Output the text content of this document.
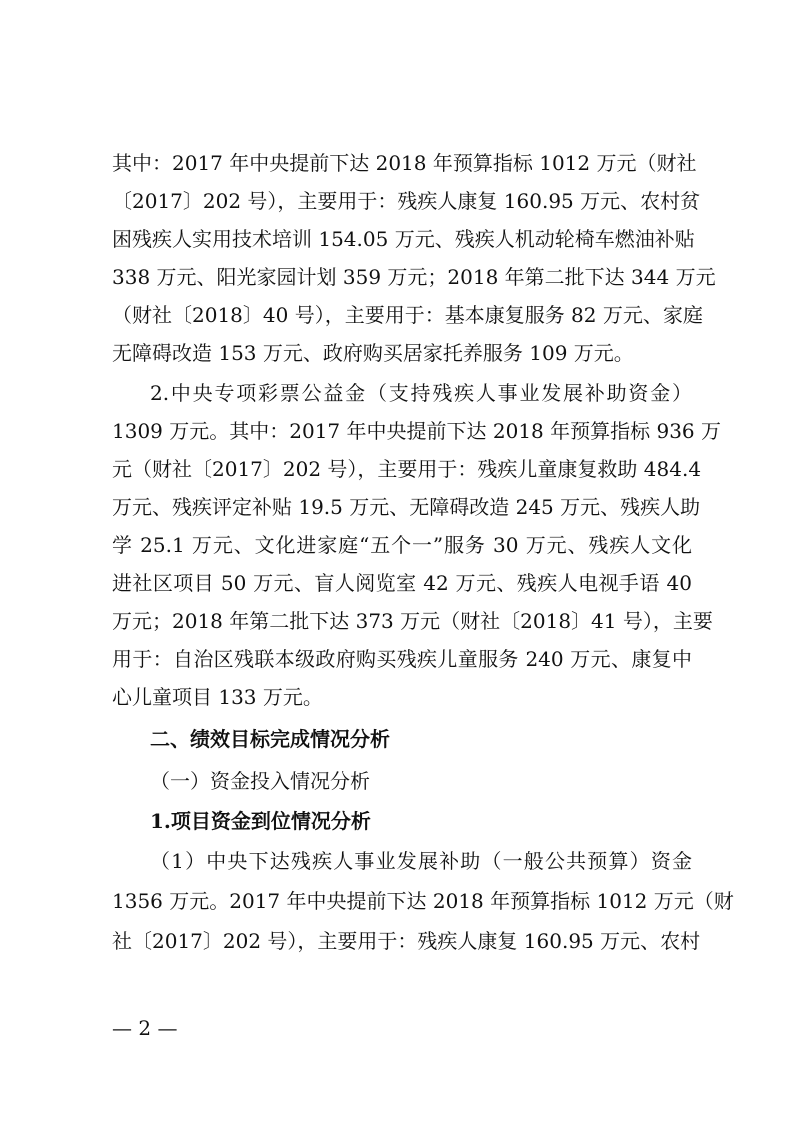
其中：2017 年中央提前下达 2018 年预算指标 1012 万元（财社
〔2017〕202 号），主要用于：残疾人康复 160.95 万元、农村贫
困残疾人实用技术培训 154.05 万元、残疾人机动轮椅车燃油补贴
338 万元、阳光家园计划 359 万元；2018 年第二批下达 344 万元
（财社〔2018〕40 号），主要用于：基本康复服务 82 万元、家庭
无障碍改造 153 万元、政府购买居家托养服务 109 万元。
2.中央专项彩票公益金（支持残疾人事业发展补助资金）
1309 万元。其中：2017 年中央提前下达 2018 年预算指标 936 万
元（财社〔2017〕202 号），主要用于：残疾儿童康复救助 484.4
万元、残疾评定补贴 19.5 万元、无障碍改造 245 万元、残疾人助
学 25.1 万元、文化进家庭“五个一”服务 30 万元、残疾人文化
进社区项目 50 万元、盲人阅览室 42 万元、残疾人电视手语 40
万元；2018 年第二批下达 373 万元（财社〔2018〕41 号），主要
用于：自治区残联本级政府购买残疾儿童服务 240 万元、康复中
心儿童项目 133 万元。
二、绩效目标完成情况分析
（一）资金投入情况分析
1.项目资金到位情况分析
（1）中央下达残疾人事业发展补助（一般公共预算）资金
1356 万元。2017 年中央提前下达 2018 年预算指标 1012 万元（财
社〔2017〕202 号），主要用于：残疾人康复 160.95 万元、农村
— 2 —
